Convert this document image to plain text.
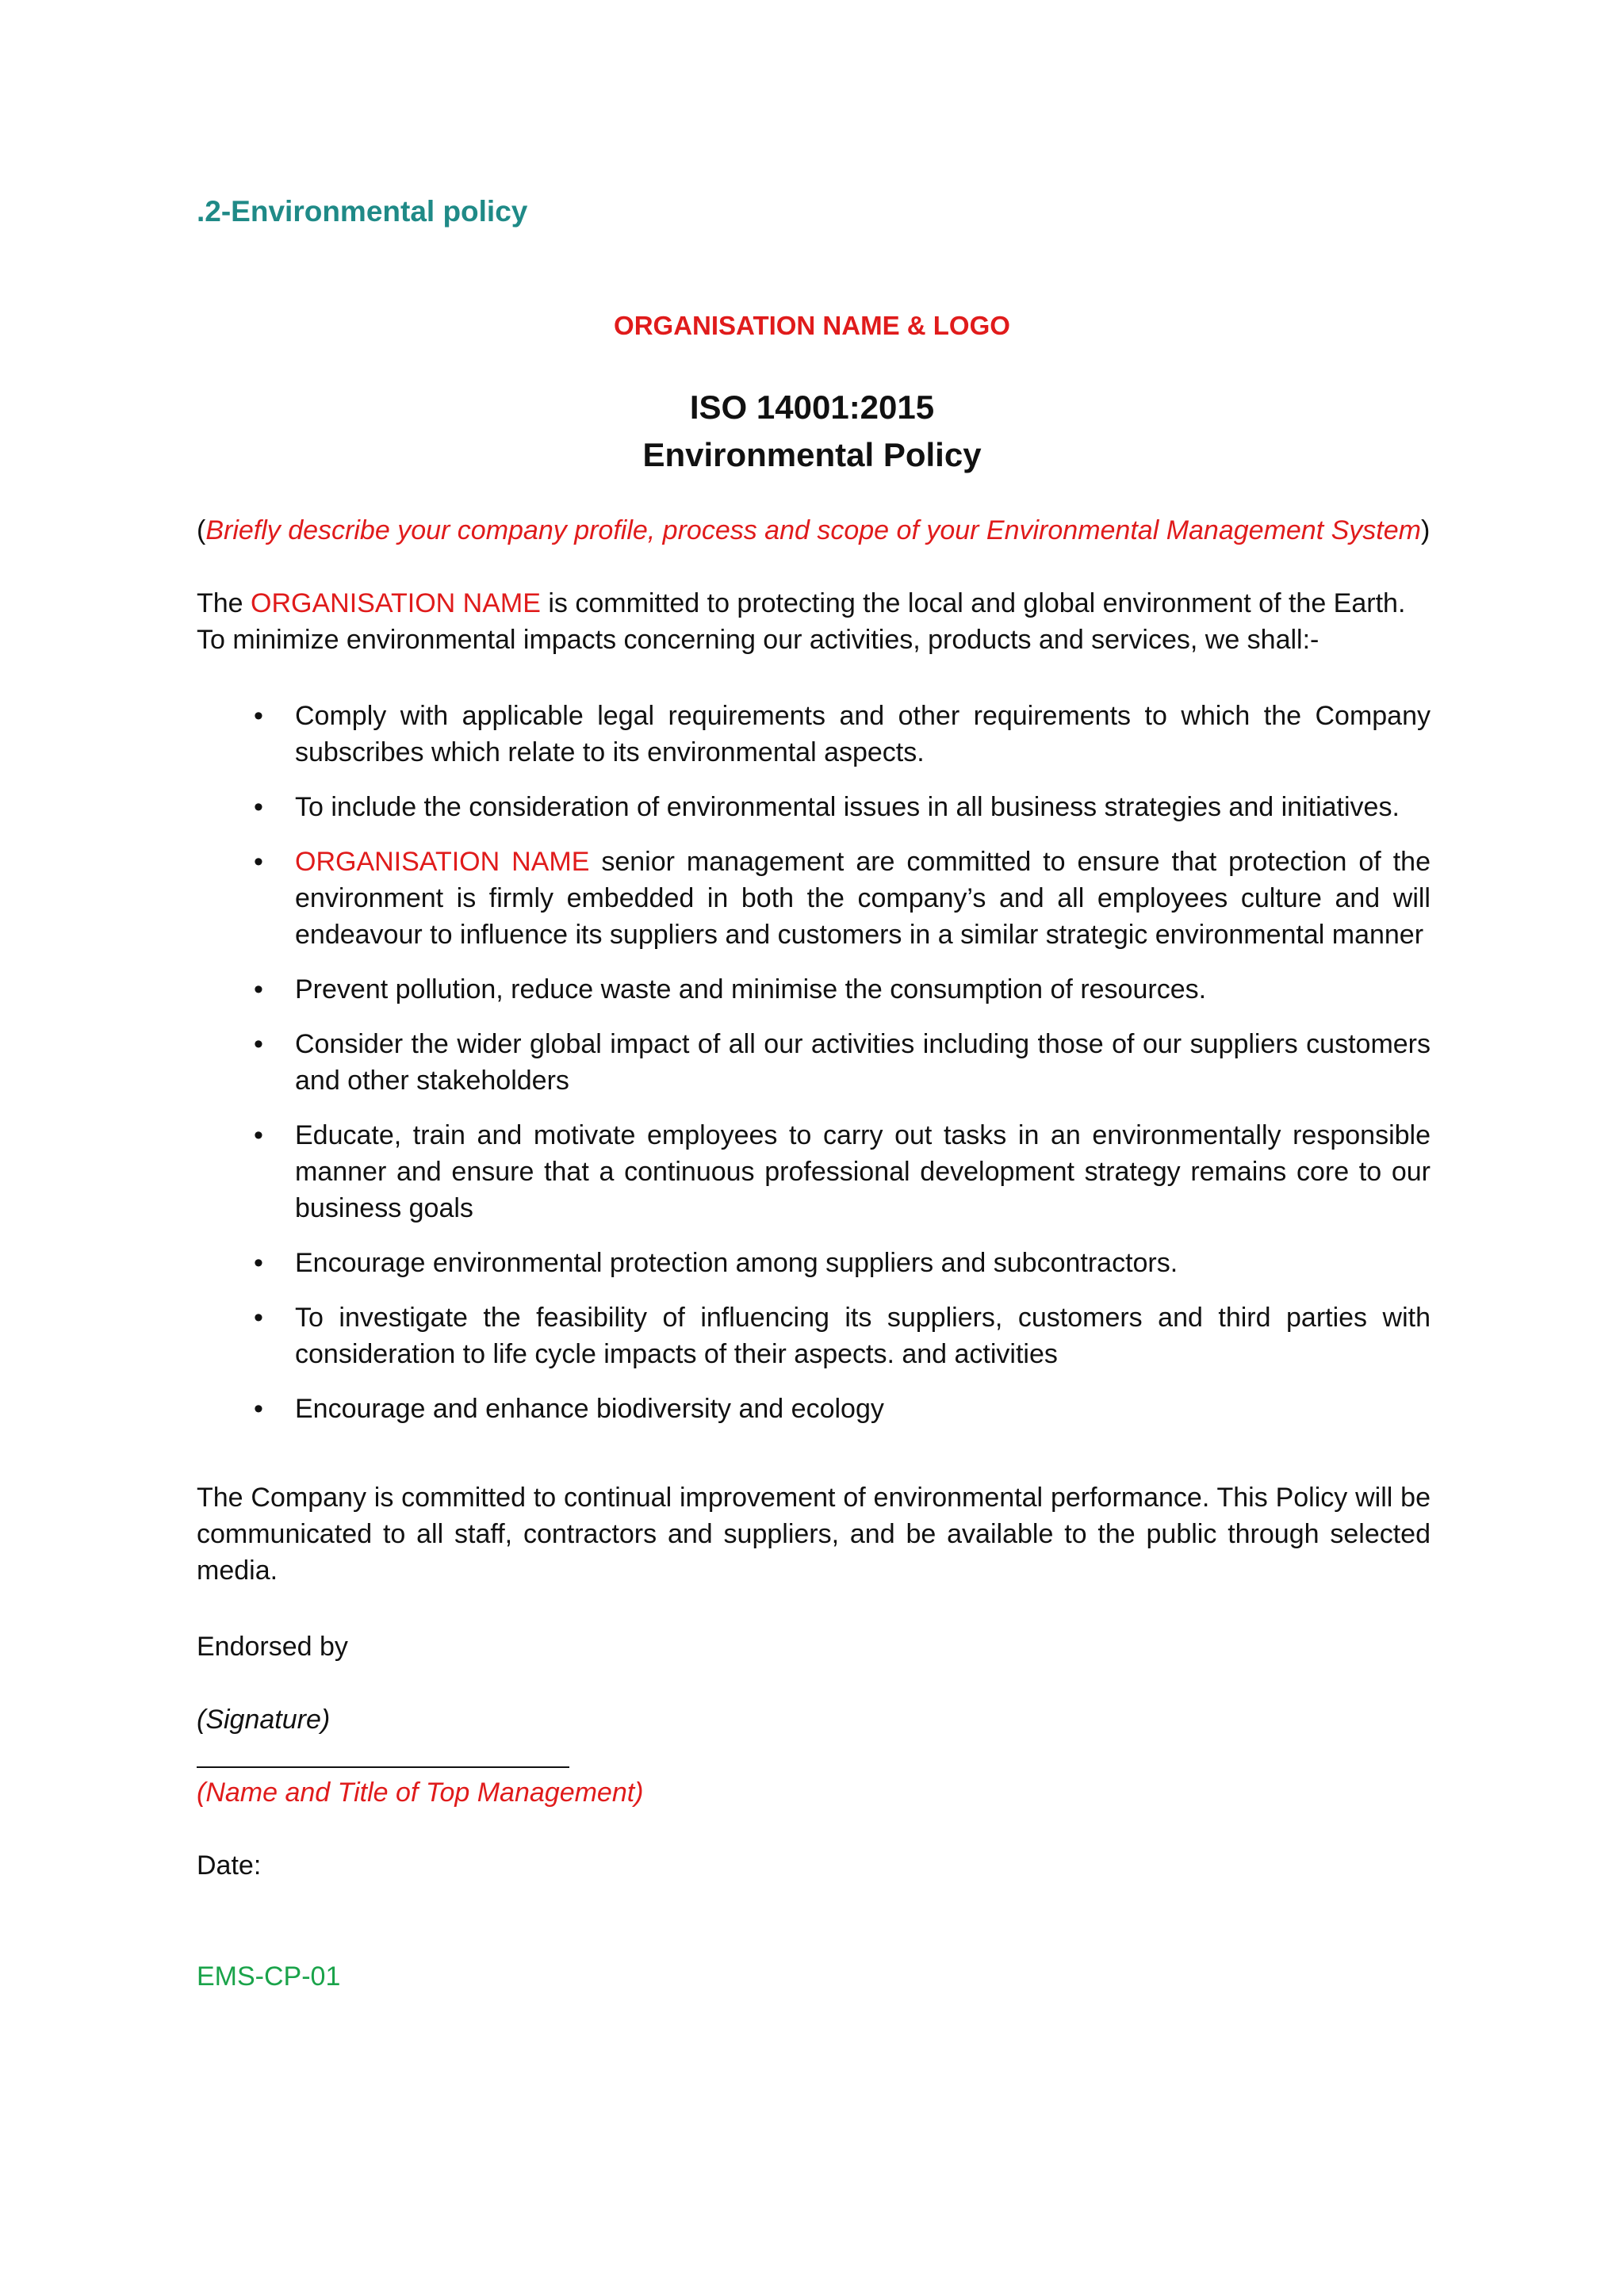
.2-Environmental policy
ORGANISATION NAME & LOGO
ISO 14001:2015
Environmental Policy

(Briefly describe your company profile, process and scope of your Environmental Management System)

The ORGANISATION NAME is committed to protecting the local and global environment of the Earth. To minimize environmental impacts concerning our activities, products and services, we shall:-

• Comply with applicable legal requirements and other requirements to which the Company subscribes which relate to its environmental aspects.
• To include the consideration of environmental issues in all business strategies and initiatives.
• ORGANISATION NAME senior management are committed to ensure that protection of the environment is firmly embedded in both the company’s and all employees culture and will endeavour to influence its suppliers and customers in a similar strategic environmental manner
• Prevent pollution, reduce waste and minimise the consumption of resources.
• Consider the wider global impact of all our activities including those of our suppliers customers and other stakeholders
• Educate, train and motivate employees to carry out tasks in an environmentally responsible manner and ensure that a continuous professional development strategy remains core to our business goals
• Encourage environmental protection among suppliers and subcontractors.
• To investigate the feasibility of influencing its suppliers, customers and third parties with consideration to life cycle impacts of their aspects. and activities
• Encourage and enhance biodiversity and ecology

The Company is committed to continual improvement of environmental performance. This Policy will be communicated to all staff, contractors and suppliers, and be available to the public through selected media.

Endorsed by

(Signature)

(Name and Title of Top Management)

Date:

EMS-CP-01
